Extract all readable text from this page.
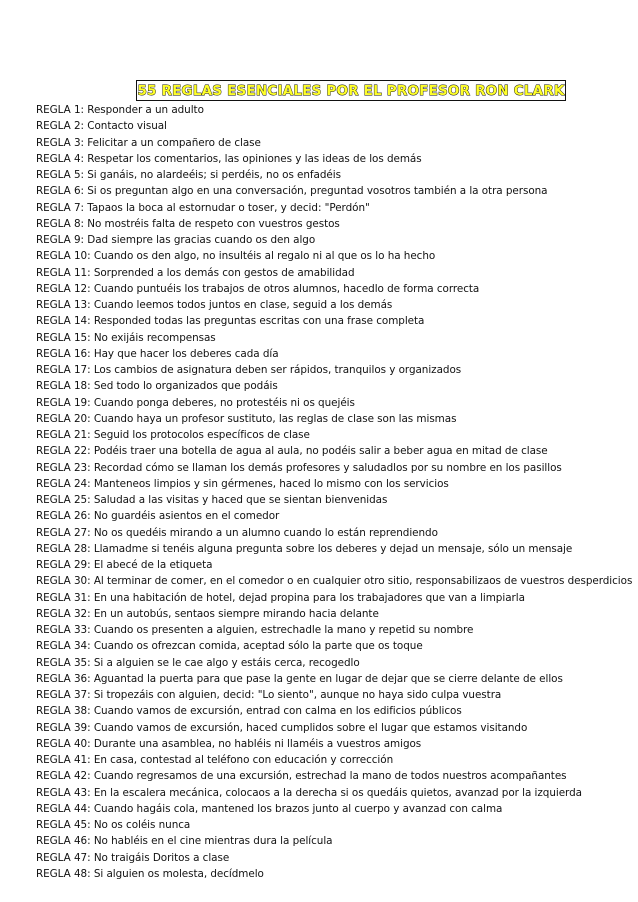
55 REGLAS ESENCIALES POR EL PROFESOR RON CLARK
REGLA 1: Responder a un adulto
REGLA 2: Contacto visual
REGLA 3: Felicitar a un compañero de clase
REGLA 4: Respetar los comentarios, las opiniones y las ideas de los demás
REGLA 5: Si ganáis, no alardeéis; si perdéis, no os enfadéis
REGLA 6: Si os preguntan algo en una conversación, preguntad vosotros también a la otra persona
REGLA 7: Tapaos la boca al estornudar o toser, y decid: "Perdón"
REGLA 8: No mostréis falta de respeto con vuestros gestos
REGLA 9: Dad siempre las gracias cuando os den algo
REGLA 10: Cuando os den algo, no insultéis al regalo ni al que os lo ha hecho
REGLA 11: Sorprended a los demás con gestos de amabilidad
REGLA 12: Cuando puntuéis los trabajos de otros alumnos, hacedlo de forma correcta
REGLA 13: Cuando leemos todos juntos en clase, seguid a los demás
REGLA 14: Responded todas las preguntas escritas con una frase completa
REGLA 15: No exijáis recompensas
REGLA 16: Hay que hacer los deberes cada día
REGLA 17: Los cambios de asignatura deben ser rápidos, tranquilos y organizados
REGLA 18: Sed todo lo organizados que podáis
REGLA 19: Cuando ponga deberes, no protestéis ni os quejéis
REGLA 20: Cuando haya un profesor sustituto, las reglas de clase son las mismas
REGLA 21: Seguid los protocolos específicos de clase
REGLA 22: Podéis traer una botella de agua al aula, no podéis salir a beber agua en mitad de clase
REGLA 23: Recordad cómo se llaman los demás profesores y saludadlos por su nombre en los pasillos
REGLA 24: Manteneos limpios y sin gérmenes, haced lo mismo con los servicios
REGLA 25: Saludad a las visitas y haced que se sientan bienvenidas
REGLA 26: No guardéis asientos en el comedor
REGLA 27: No os quedéis mirando a un alumno cuando lo están reprendiendo
REGLA 28: Llamadme si tenéis alguna pregunta sobre los deberes y dejad un mensaje, sólo un mensaje
REGLA 29: El abecé de la etiqueta
REGLA 30: Al terminar de comer, en el comedor o en cualquier otro sitio, responsabilizaos de vuestros desperdicios
REGLA 31: En una habitación de hotel, dejad propina para los trabajadores que van a limpiarla
REGLA 32: En un autobús, sentaos siempre mirando hacia delante
REGLA 33: Cuando os presenten a alguien, estrechadle la mano y repetid su nombre
REGLA 34: Cuando os ofrezcan comida, aceptad sólo la parte que os toque
REGLA 35: Si a alguien se le cae algo y estáis cerca, recogedlo
REGLA 36: Aguantad la puerta para que pase la gente en lugar de dejar que se cierre delante de ellos
REGLA 37: Si tropezáis con alguien, decid: "Lo siento", aunque no haya sido culpa vuestra
REGLA 38: Cuando vamos de excursión, entrad con calma en los edificios públicos
REGLA 39: Cuando vamos de excursión, haced cumplidos sobre el lugar que estamos visitando
REGLA 40: Durante una asamblea, no habléis ni llaméis a vuestros amigos
REGLA 41: En casa, contestad al teléfono con educación y corrección
REGLA 42: Cuando regresamos de una excursión, estrechad la mano de todos nuestros acompañantes
REGLA 43: En la escalera mecánica, colocaos a la derecha si os quedáis quietos, avanzad por la izquierda
REGLA 44: Cuando hagáis cola, mantened los brazos junto al cuerpo y avanzad con calma
REGLA 45: No os coléis nunca
REGLA 46: No habléis en el cine mientras dura la película
REGLA 47: No traigáis Doritos a clase
REGLA 48: Si alguien os molesta, decídmelo
